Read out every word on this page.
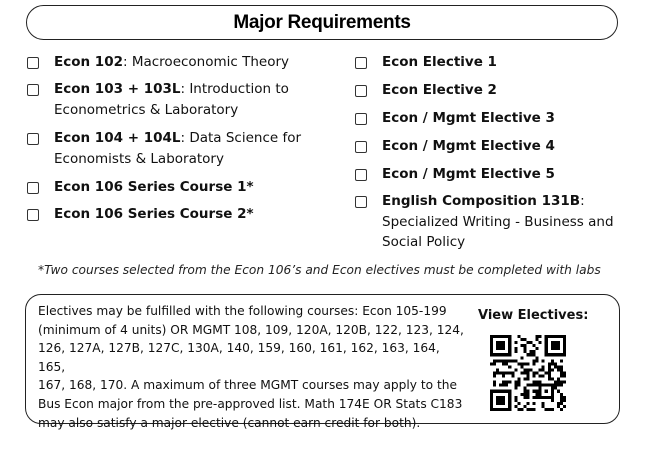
Major Requirements
Econ 102: Macroeconomic Theory
Econ 103 + 103L: Introduction to
Econometrics & Laboratory
Econ 104 + 104L: Data Science for
Economists & Laboratory
Econ 106 Series Course 1*
Econ 106 Series Course 2*
Econ Elective 1
Econ Elective 2
Econ / Mgmt Elective 3
Econ / Mgmt Elective 4
Econ / Mgmt Elective 5
English Composition 131B:
Specialized Writing - Business and
Social Policy
*Two courses selected from the Econ 106’s and Econ electives must be completed with labs
Electives may be fulfilled with the following courses: Econ 105-199
(minimum of 4 units) OR MGMT 108, 109, 120A, 120B, 122, 123, 124,
126, 127A, 127B, 127C, 130A, 140, 159, 160, 161, 162, 163, 164, 165,
167, 168, 170. A maximum of three MGMT courses may apply to the
Bus Econ major from the pre-approved list. Math 174E OR Stats C183
may also satisfy a major elective (cannot earn credit for both).
View Electives:
